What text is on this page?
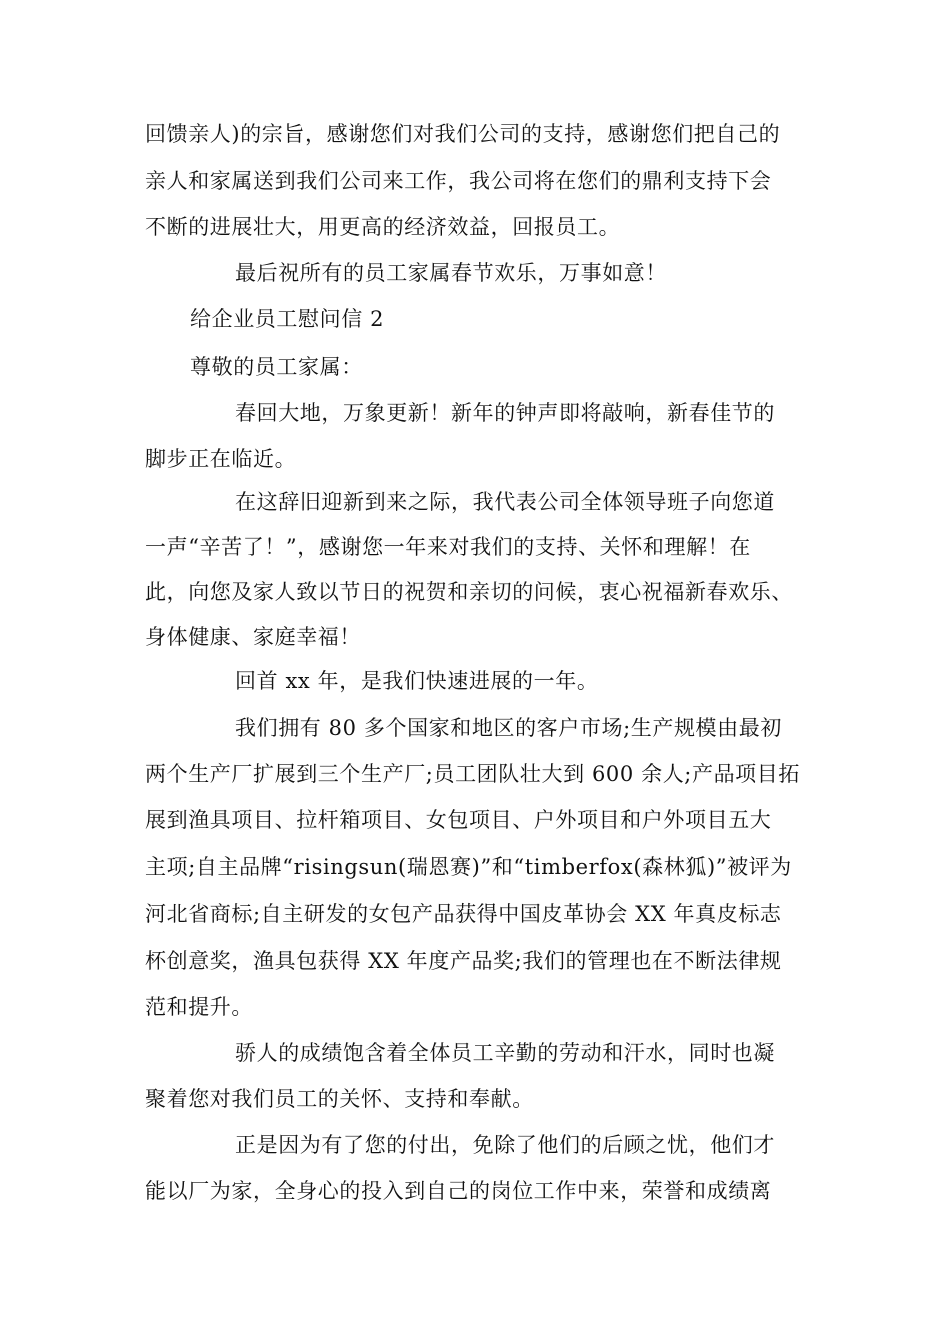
回馈亲人)的宗旨，感谢您们对我们公司的支持，感谢您们把自己的
亲人和家属送到我们公司来工作，我公司将在您们的鼎利支持下会
不断的进展壮大，用更高的经济效益，回报员工。
最后祝所有的员工家属春节欢乐，万事如意！
给企业员工慰问信 2
尊敬的员工家属：
春回大地，万象更新！新年的钟声即将敲响，新春佳节的
脚步正在临近。
在这辞旧迎新到来之际，我代表公司全体领导班子向您道
一声“辛苦了！”，感谢您一年来对我们的支持、关怀和理解！在
此，向您及家人致以节日的祝贺和亲切的问候，衷心祝福新春欢乐、
身体健康、家庭幸福！
回首 xx 年，是我们快速进展的一年。
我们拥有 80 多个国家和地区的客户市场;生产规模由最初
两个生产厂扩展到三个生产厂;员工团队壮大到 600 余人;产品项目拓
展到渔具项目、拉杆箱项目、女包项目、户外项目和户外项目五大
主项;自主品牌“risingsun(瑞恩赛)”和“timberfox(森林狐)”被评为
河北省商标;自主研发的女包产品获得中国皮革协会 XX 年真皮标志
杯创意奖，渔具包获得 XX 年度产品奖;我们的管理也在不断法律规
范和提升。
骄人的成绩饱含着全体员工辛勤的劳动和汗水，同时也凝
聚着您对我们员工的关怀、支持和奉献。
正是因为有了您的付出，免除了他们的后顾之忧，他们才
能以厂为家，全身心的投入到自己的岗位工作中来，荣誉和成绩离
